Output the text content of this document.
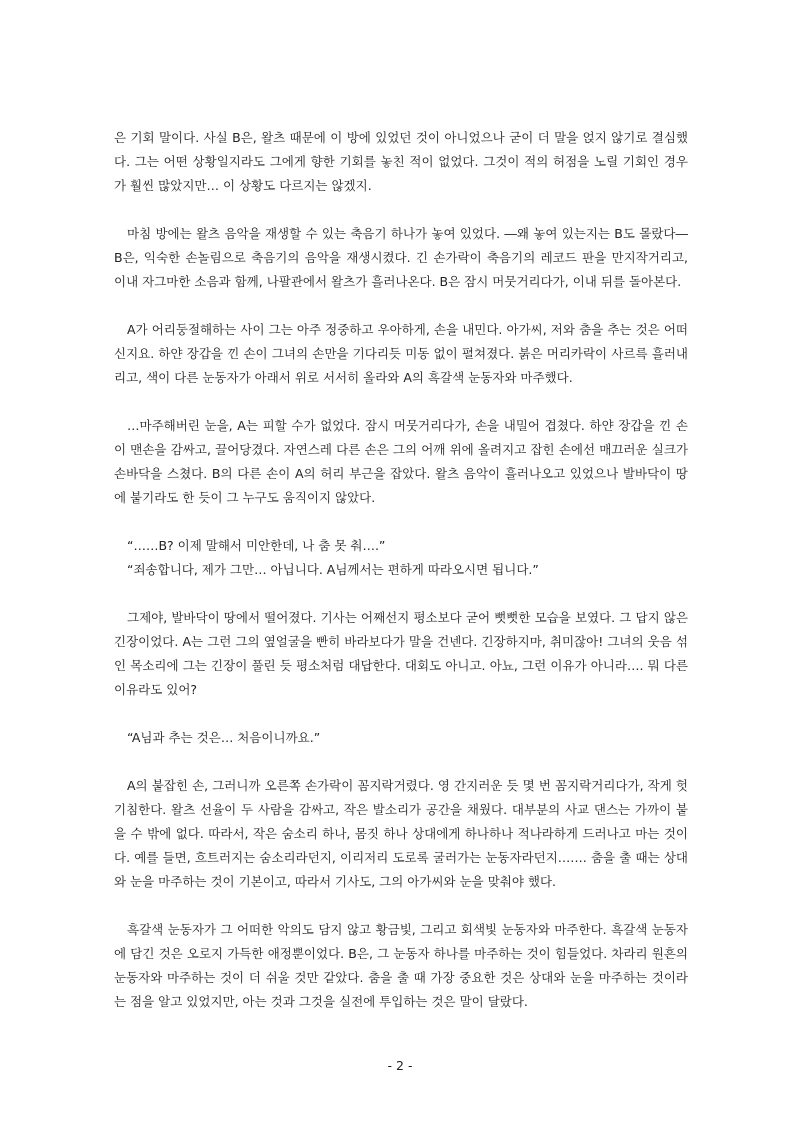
은 기회 말이다. 사실 B은, 왈츠 때문에 이 방에 있었던 것이 아니었으나 굳이 더 말을 얹지 않기로 결심했다. 그는 어떤 상황일지라도 그에게 향한 기회를 놓친 적이 없었다. 그것이 적의 허점을 노릴 기회인 경우가 훨씬 많았지만… 이 상황도 다르지는 않겠지.

마침 방에는 왈츠 음악을 재생할 수 있는 축음기 하나가 놓여 있었다. ―왜 놓여 있는지는 B도 몰랐다― B은, 익숙한 손놀림으로 축음기의 음악을 재생시켰다. 긴 손가락이 축음기의 레코드 판을 만지작거리고, 이내 자그마한 소음과 함께, 나팔관에서 왈츠가 흘러나온다. B은 잠시 머뭇거리다가, 이내 뒤를 돌아본다.

A가 어리둥절해하는 사이 그는 아주 정중하고 우아하게, 손을 내민다. 아가씨, 저와 춤을 추는 것은 어떠신지요. 하얀 장갑을 낀 손이 그녀의 손만을 기다리듯 미동 없이 펼쳐졌다. 붉은 머리카락이 사르륵 흘러내리고, 색이 다른 눈동자가 아래서 위로 서서히 올라와 A의 흑갈색 눈동자와 마주했다.

…마주해버린 눈을, A는 피할 수가 없었다. 잠시 머뭇거리다가, 손을 내밀어 겹쳤다. 하얀 장갑을 낀 손이 맨손을 감싸고, 끌어당겼다. 자연스레 다른 손은 그의 어깨 위에 올려지고 잡힌 손에선 매끄러운 실크가 손바닥을 스쳤다. B의 다른 손이 A의 허리 부근을 잡았다. 왈츠 음악이 흘러나오고 있었으나 발바닥이 땅에 붙기라도 한 듯이 그 누구도 움직이지 않았다.

“……B? 이제 말해서 미안한데, 나 춤 못 춰….”

“죄송합니다, 제가 그만… 아닙니다. A님께서는 편하게 따라오시면 됩니다.”

그제야, 발바닥이 땅에서 떨어졌다. 기사는 어째선지 평소보다 굳어 뻣뻣한 모습을 보였다. 그 답지 않은 긴장이었다. A는 그런 그의 옆얼굴을 빤히 바라보다가 말을 건넨다. 긴장하지마, 취미잖아! 그녀의 웃음 섞인 목소리에 그는 긴장이 풀린 듯 평소처럼 대답한다. 대회도 아니고. 아뇨, 그런 이유가 아니라…. 뭐 다른 이유라도 있어?

“A님과 추는 것은… 처음이니까요.”

A의 붙잡힌 손, 그러니까 오른쪽 손가락이 꼼지락거렸다. 영 간지러운 듯 몇 번 꼼지락거리다가, 작게 헛기침한다. 왈츠 선율이 두 사람을 감싸고, 작은 발소리가 공간을 채웠다. 대부분의 사교 댄스는 가까이 붙을 수 밖에 없다. 따라서, 작은 숨소리 하나, 몸짓 하나 상대에게 하나하나 적나라하게 드러나고 마는 것이다. 예를 들면, 흐트러지는 숨소리라던지, 이리저리 도로록 굴러가는 눈동자라던지……. 춤을 출 때는 상대와 눈을 마주하는 것이 기본이고, 따라서 기사도, 그의 아가씨와 눈을 맞춰야 했다.

흑갈색 눈동자가 그 어떠한 악의도 담지 않고 황금빛, 그리고 회색빛 눈동자와 마주한다. 흑갈색 눈동자에 담긴 것은 오로지 가득한 애정뿐이었다. B은, 그 눈동자 하나를 마주하는 것이 힘들었다. 차라리 원흔의 눈동자와 마주하는 것이 더 쉬울 것만 같았다. 춤을 출 때 가장 중요한 것은 상대와 눈을 마주하는 것이라는 점을 알고 있었지만, 아는 것과 그것을 실전에 투입하는 것은 말이 달랐다.

- 2 -
